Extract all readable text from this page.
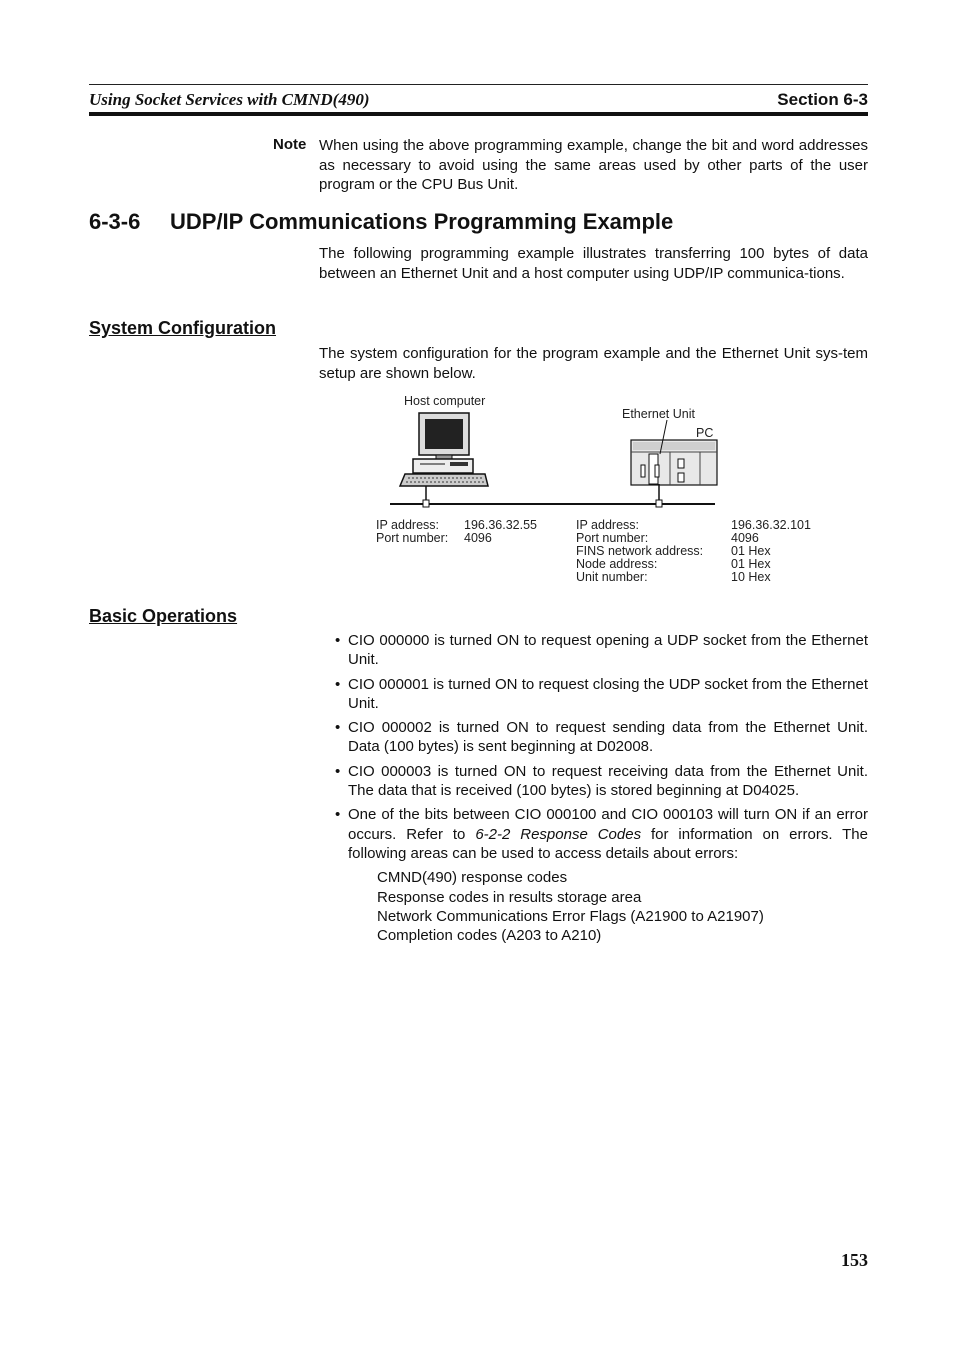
Using Socket Services with CMND(490)	Section 6-3
Note When using the above programming example, change the bit and word addresses as necessary to avoid using the same areas used by other parts of the user program or the CPU Bus Unit.
6-3-6 UDP/IP Communications Programming Example
The following programming example illustrates transferring 100 bytes of data between an Ethernet Unit and a host computer using UDP/IP communica-tions.
System Configuration
The system configuration for the program example and the Ethernet Unit sys-tem setup are shown below.
Host computer
Ethernet Unit
PC
IP address:	196.36.32.55
Port number:	4096
IP address:	196.36.32.101
Port number:	4096
FINS network address:	01 Hex
Node address:	01 Hex
Unit number:	10 Hex
Basic Operations
• CIO 000000 is turned ON to request opening a UDP socket from the Ethernet Unit.
• CIO 000001 is turned ON to request closing the UDP socket from the Ethernet Unit.
• CIO 000002 is turned ON to request sending data from the Ethernet Unit. Data (100 bytes) is sent beginning at D02008.
• CIO 000003 is turned ON to request receiving data from the Ethernet Unit. The data that is received (100 bytes) is stored beginning at D04025.
• One of the bits between CIO 000100 and CIO 000103 will turn ON if an error occurs. Refer to 6-2-2 Response Codes for information on errors. The following areas can be used to access details about errors:
CMND(490) response codes
Response codes in results storage area
Network Communications Error Flags (A21900 to A21907)
Completion codes (A203 to A210)
153
